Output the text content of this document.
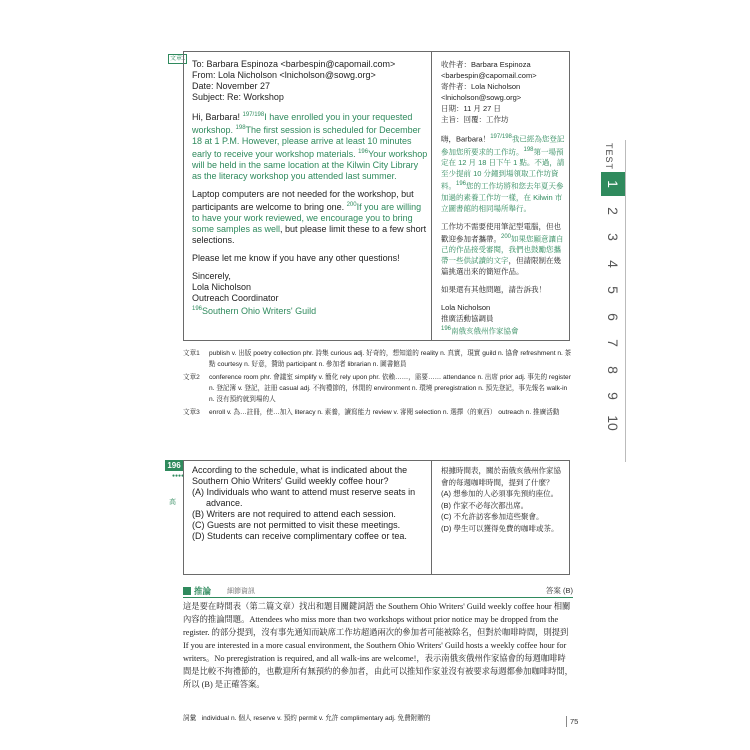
文章1 To: Barbara Espinoza <barbespin@capomail.com>
From: Lola Nicholson <lnicholson@sowg.org>
Date: November 27
Subject: Re: Workshop

Hi, Barbara! $^{197/198}$I have enrolled you in your requested workshop. $^{198}$The first session is scheduled for December 18 at 1 P.M. However, please arrive at least 10 minutes early to receive your workshop materials. $^{196}$Your workshop will be held in the same location at the Kilwin City Library as the literacy workshop you attended last summer.

Laptop computers are not needed for the workshop, but participants are welcome to bring one. $^{200}$If you are willing to have your work reviewed, we encourage you to bring some samples as well, but please limit these to a few short selections.

Please let me know if you have any other questions!

Sincerely,
Lola Nicholson
Outreach Coordinator
$^{196}$Southern Ohio Writers' Guild

收件者：Barbara Espinoza <barbespin@capomail.com>
寄件者：Lola Nicholson <lnicholson@sowg.org>
日期：11 月 27 日
主旨：回覆：工作坊

嗨，Barbara！$^{197/198}$我已經為您登記參加您所要求的工作坊。$^{198}$第一場預定在 12 月 18 日下午 1 點。不過，請至少提前 10 分鐘到場領取工作坊資料。$^{196}$您的工作坊將和您去年夏天參加過的素養工作坊一樣，在 Kilwin 市立圖書館的相同場所舉行。

工作坊不需要使用筆記型電腦，但也歡迎參加者攜帶。$^{200}$如果您願意讓自己的作品接受審閱，我們也鼓勵您攜帶一些供試讀的文字，但請限制在幾篇挑選出來的簡短作品。

如果還有其他問題，請告訴我！

Lola Nicholson
推廣活動協調員
$^{196}$南俄亥俄州作家協會

文章1	publish v. 出版 poetry collection phr. 詩集 curious adj. 好奇的，想知道的 reality n. 真實，現實 guild n. 協會 refreshment n. 茶點 courtesy n. 好意，贊助 participant n. 參加者 librarian n. 圖書館員
文章2	conference room phr. 會議室 simplify v. 簡化 rely upon phr. 依賴……，需要…… attendance n. 出席 prior adj. 事先的 register n. 登記簿 v. 登記，註冊 casual adj. 不拘禮節的，休閒的 environment n. 環境 preregistration n. 預先登記，事先報名 walk-in n. 沒有預約就到場的人
文章3	enroll v. 為…註冊，使…加入 literacy n. 素養，讀寫能力 review v. 審閱 selection n. 選擇（的東西） outreach n. 推廣活動
196
●●●●
高
According to the schedule, what is indicated about the Southern Ohio Writers' Guild weekly coffee hour?
(A) Individuals who want to attend must reserve seats in
advance.
(B) Writers are not required to attend each session.
(C) Guests are not permitted to visit these meetings.
(D) Students can receive complimentary coffee or tea.
根據時間表，關於南俄亥俄州作家協會的每週咖啡時間，提到了什麼？
(A) 想參加的人必須事先預約座位。
(B) 作家不必每次都出席。
(C) 不允許訪客參加這些聚會。
(D) 學生可以獲得免費的咖啡或茶。
推論 細節資訊	答案 (B)
這是要在時間表（第二篇文章）找出和題目關鍵詞語 the Southern Ohio Writers' Guild weekly coffee hour 相關內容的推論問題。Attendees who miss more than two workshops without prior notice may be dropped from the register. 的部分提到，沒有事先通知而缺席工作坊超過兩次的參加者可能被除名，但對於咖啡時間，則提到 If you are interested in a more casual environment, the Southern Ohio Writers' Guild hosts a weekly coffee hour for writers。No preregistration is required, and all walk-ins are welcome!，表示南俄亥俄州作家協會的每週咖啡時間是比較不拘禮節的，也歡迎所有無預約的參加者，由此可以推知作家並沒有被要求每週都參加咖啡時間，所以 (B) 是正確答案。
詞彙 individual n. 個人 reserve v. 預約 permit v. 允許 complimentary adj. 免費附贈的	75
TEST
1
2
3
4
5
6
7
8
9
10
